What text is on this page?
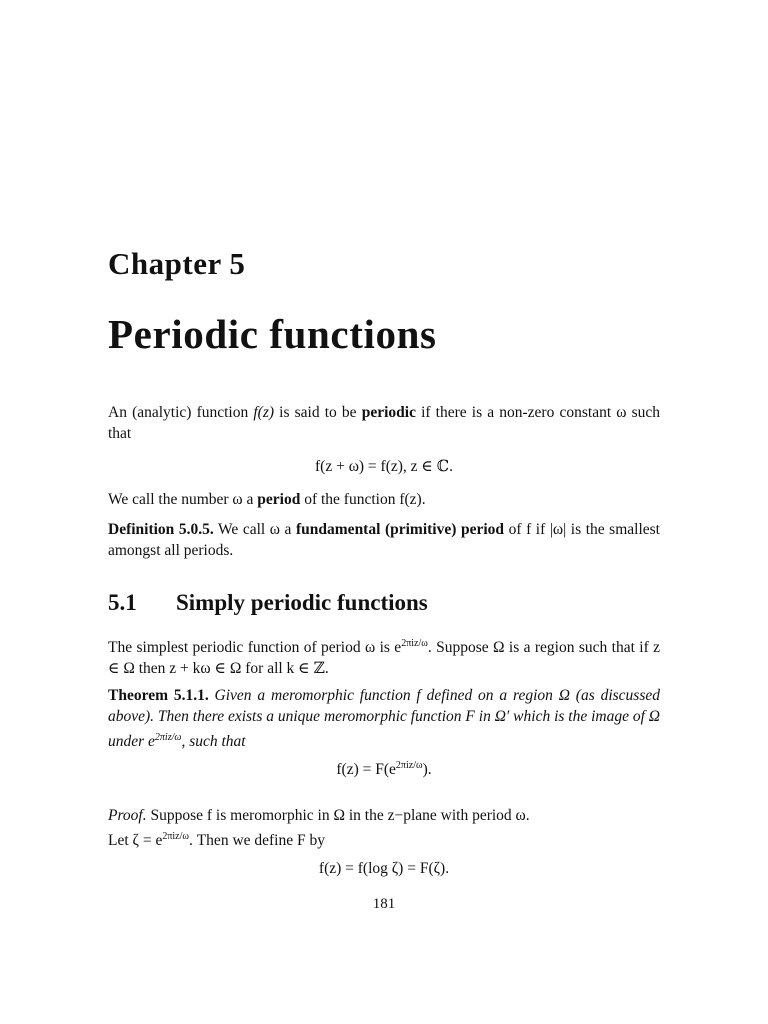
Chapter 5
Periodic functions
An (analytic) function f(z) is said to be periodic if there is a non-zero constant ω such that
f(z + ω) = f(z), z ∈ ℂ.
We call the number ω a period of the function f(z).
Definition 5.0.5. We call ω a fundamental (primitive) period of f if |ω| is the smallest amongst all periods.
5.1 Simply periodic functions
The simplest periodic function of period ω is $e^{2\pi iz/\omega}$. Suppose Ω is a region such that if z ∈ Ω then z + kω ∈ Ω for all k ∈ ℤ.
Theorem 5.1.1. Given a meromorphic function f defined on a region Ω (as discussed above). Then there exists a unique meromorphic function F in Ω′ which is the image of Ω under $e^{2\pi iz/\omega}$, such that
$f(z) = F(e^{2\pi iz/\omega})$.
Proof. Suppose f is meromorphic in Ω in the z−plane with period ω.
Let $\zeta = e^{2\pi iz/\omega}$. Then we define F by
f(z) = f(log ζ) = F(ζ).
181
